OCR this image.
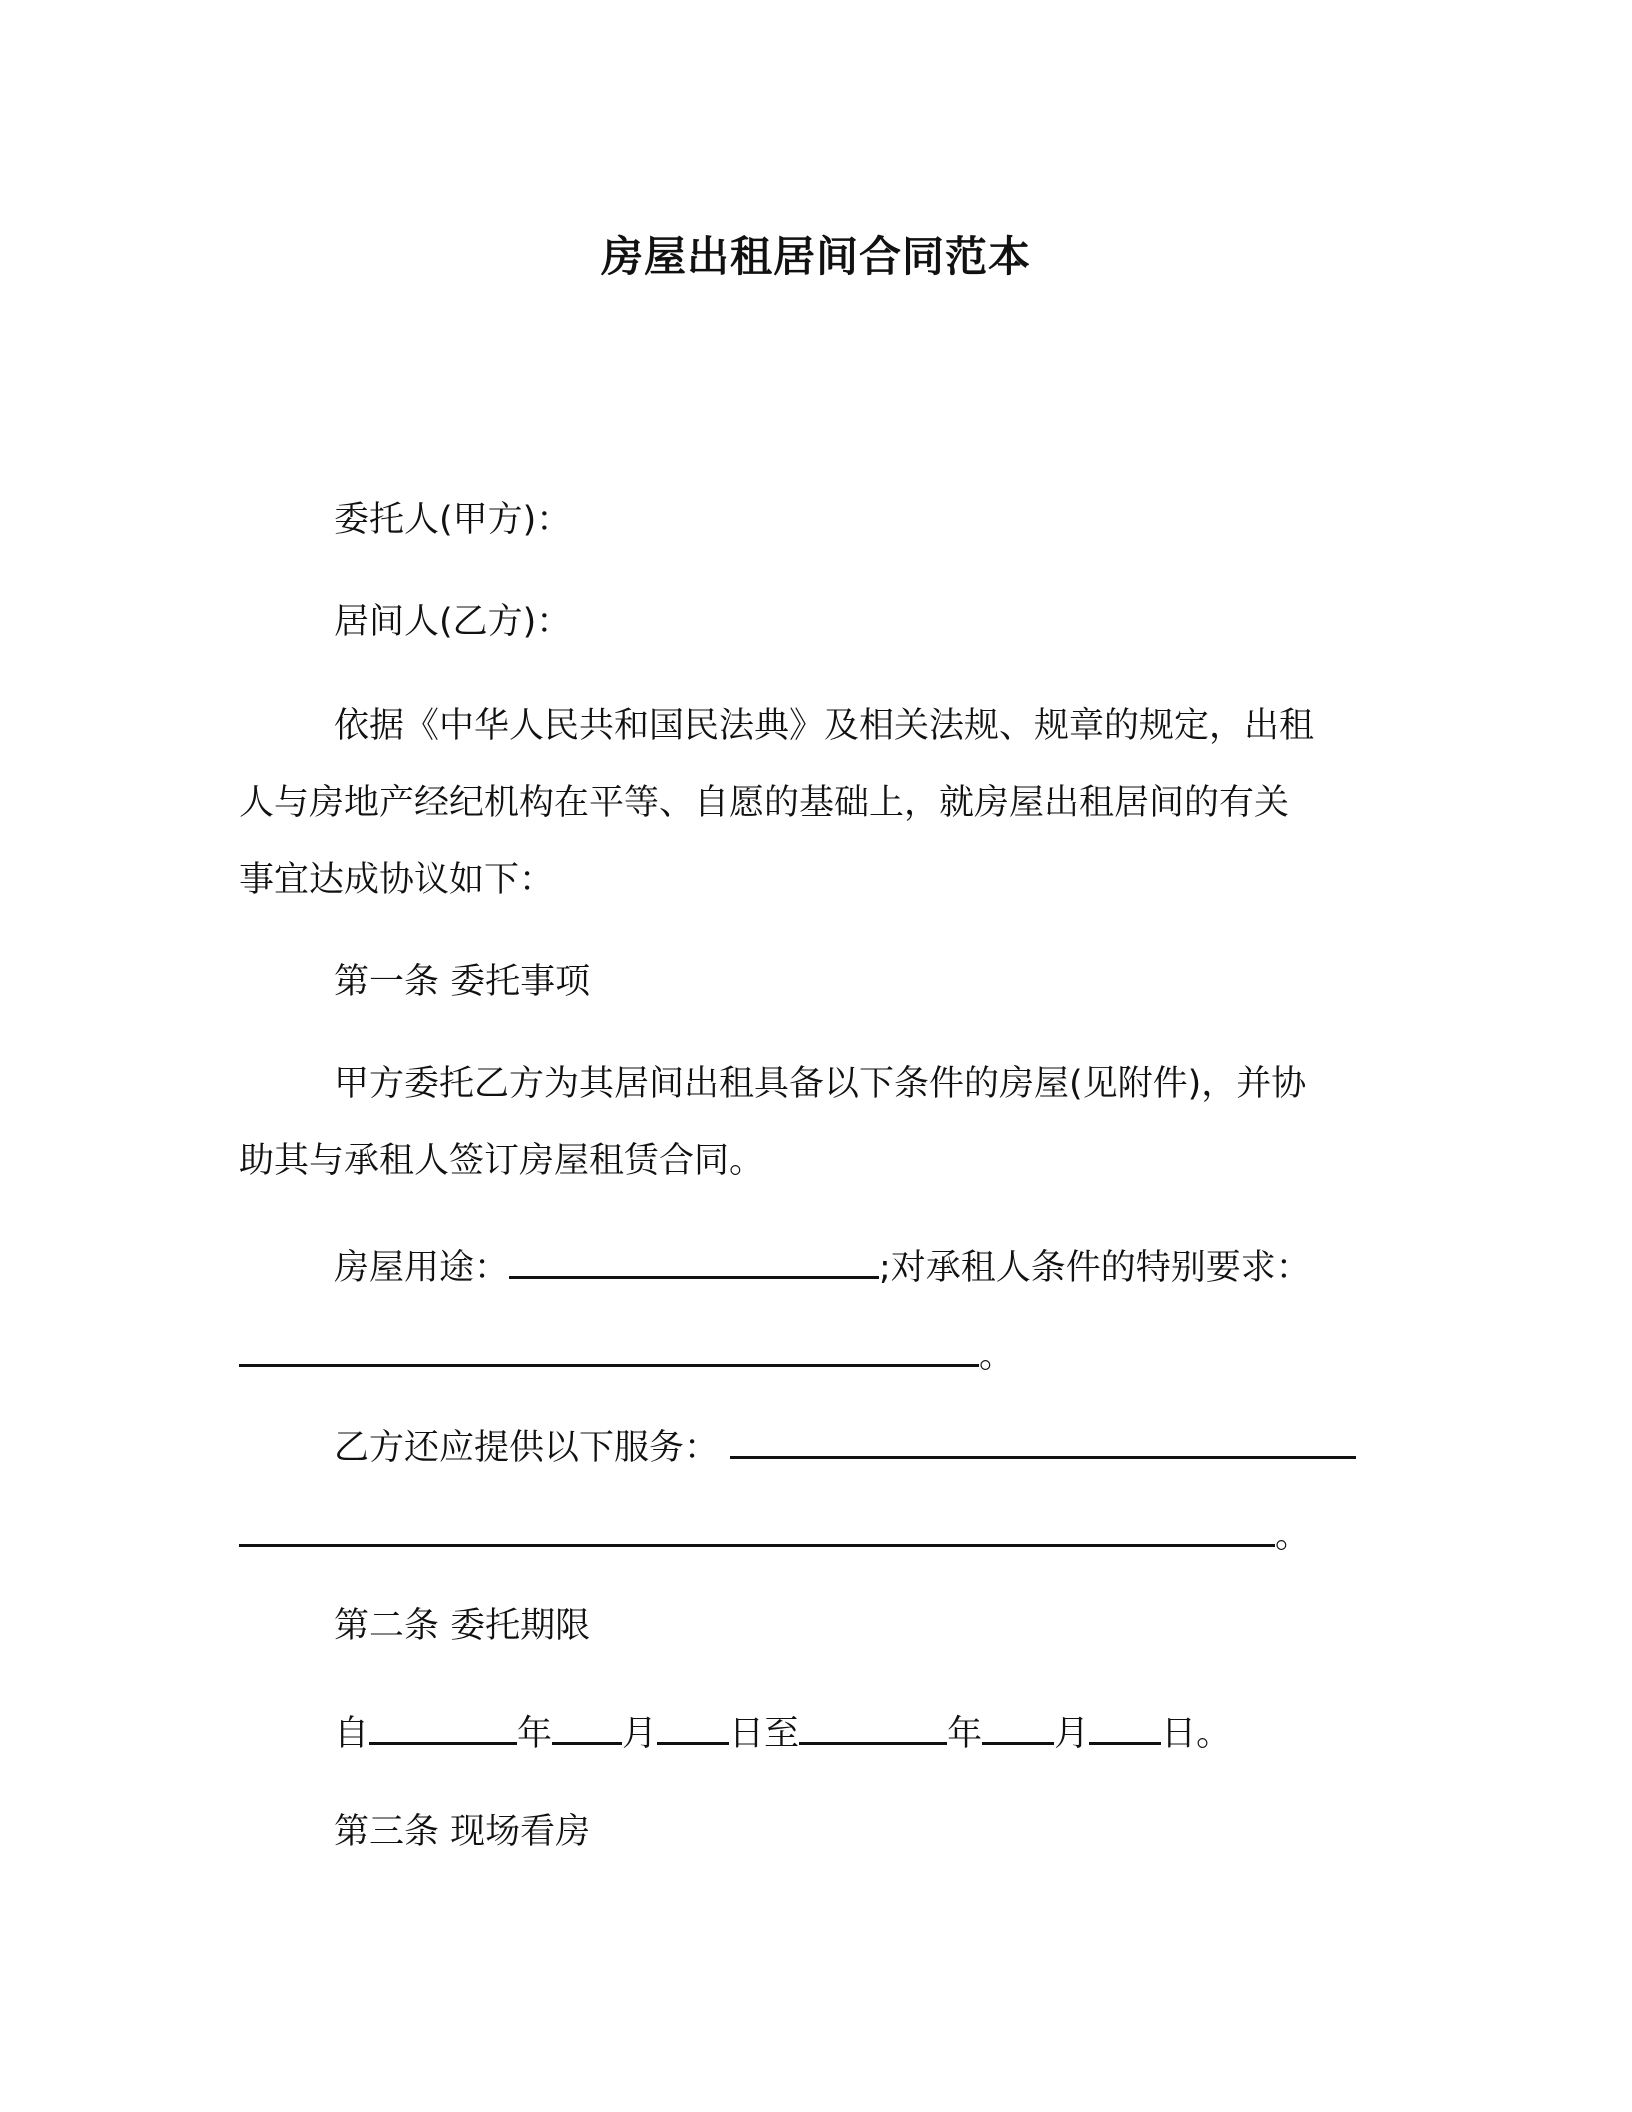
房屋出租居间合同范本
委托人(甲方)：
居间人(乙方)：
依据《中华人民共和国民法典》及相关法规、规章的规定，出租
人与房地产经纪机构在平等、自愿的基础上，就房屋出租居间的有关
事宜达成协议如下：
第一条 委托事项
甲方委托乙方为其居间出租具备以下条件的房屋(见附件)，并协
助其与承租人签订房屋租赁合同。
房屋用途：	;对承租人条件的特别要求：
。
乙方还应提供以下服务：
。
第二条 委托期限
自	年 月 日至	年 月 日。
第三条 现场看房
